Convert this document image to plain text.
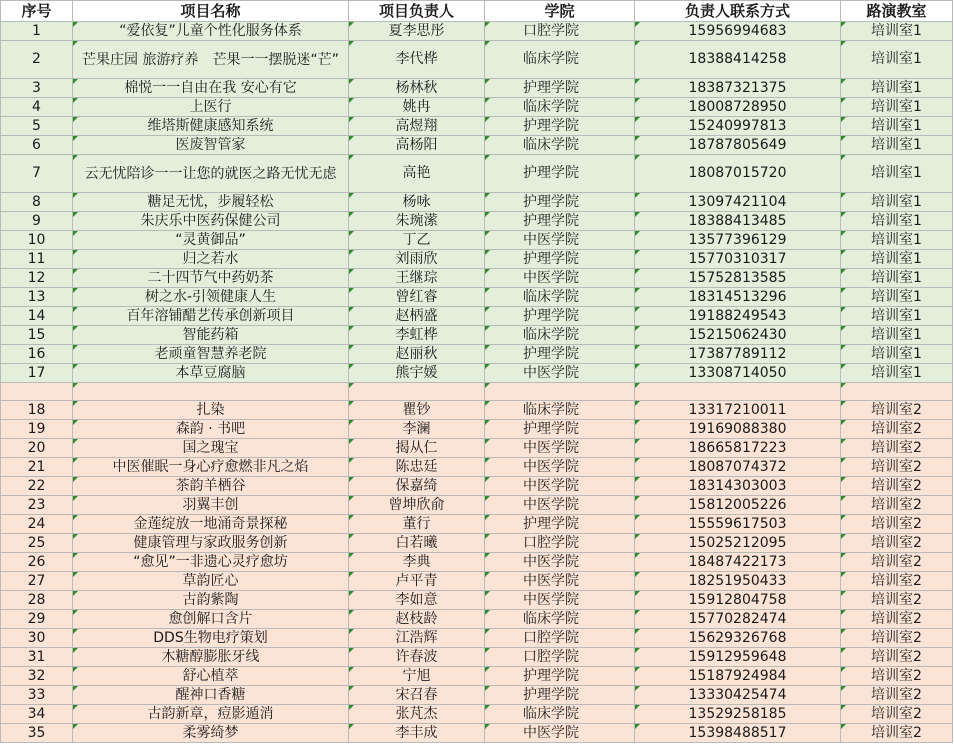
序号	项目名称	项目负责人	学院	负责人联系方式	路演教室
1	“爱依复”儿童个性化服务体系	夏李思彤	口腔学院	15956994683	培训室1
2	芒果庄园 旅游疗养　芒果一一摆脱迷“芒”	李代桦	临床学院	18388414258	培训室1
3	棉悦一一自由在我 安心有它	杨林秋	护理学院	18387321375	培训室1
4	上医行	姚冉	临床学院	18008728950	培训室1
5	维塔斯健康感知系统	高煜翔	护理学院	15240997813	培训室1
6	医废智管家	高杨阳	临床学院	18787805649	培训室1
7	云无忧陪诊一一让您的就医之路无忧无虑	高艳	护理学院	18087015720	培训室1
8	糖足无忧，步履轻松	杨咏	护理学院	13097421104	培训室1
9	朱庆乐中医药保健公司	朱琬潆	护理学院	18388413485	培训室1
10	“灵黄御品”	丁乙	中医学院	13577396129	培训室1
11	归之若水	刘雨欣	护理学院	15770310317	培训室1
12	二十四节气中药奶茶	王继琮	中医学院	15752813585	培训室1
13	树之水-引领健康人生	曾红睿	临床学院	18314513296	培训室1
14	百年溶铺醋艺传承创新项目	赵柄盛	护理学院	19188249543	培训室1
15	智能药箱	李虹桦	临床学院	15215062430	培训室1
16	老顽童智慧养老院	赵丽秋	护理学院	17387789112	培训室1
17	本草豆腐脑	熊宇媛	中医学院	13308714050	培训室1

18	扎染	瞿钞	临床学院	13317210011	培训室2
19	森韵 · 书吧	李澜	护理学院	19169088380	培训室2
20	国之瑰宝	揭从仁	中医学院	18665817223	培训室2
21	中医催眠一身心疗愈燃非凡之焰	陈忠廷	中医学院	18087074372	培训室2
22	茶韵羊栖谷	保嘉绮	中医学院	18314303003	培训室2
23	羽翼丰创	曾坤欣俞	中医学院	15812005226	培训室2
24	金莲绽放一地涌奇景探秘	董行	护理学院	15559617503	培训室2
25	健康管理与家政服务创新	白若曦	口腔学院	15025212095	培训室2
26	“愈见”一非遗心灵疗愈坊	李典	中医学院	18487422173	培训室2
27	草韵匠心	卢平青	中医学院	18251950433	培训室2
28	古韵紫陶	李如意	中医学院	15912804758	培训室2
29	愈创解口含片	赵枝龄	临床学院	15770282474	培训室2
30	DDS生物电疗策划	江浩辉	口腔学院	15629326768	培训室2
31	木糖醇膨胀牙线	许春波	口腔学院	15912959648	培训室2
32	舒心植萃	宁旭	护理学院	15187924984	培训室2
33	醒神口香糖	宋召春	护理学院	13330425474	培训室2
34	古韵新章，痘影遁消	张芃杰	临床学院	13529258185	培训室2
35	柔雾绮梦	李丰成	中医学院	15398488517	培训室2
